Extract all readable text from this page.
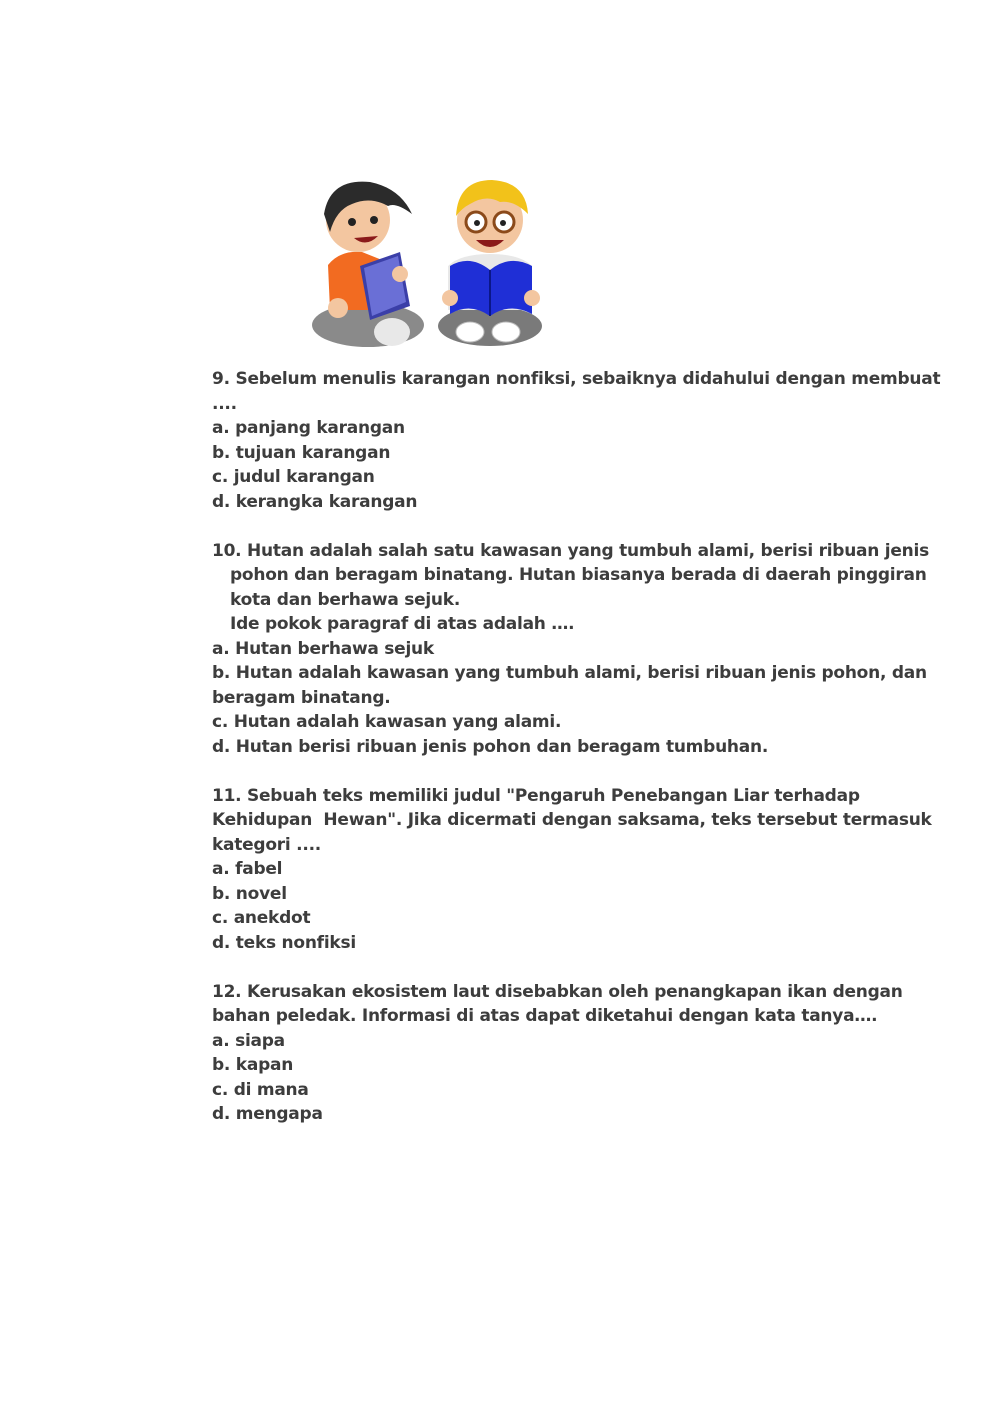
9. Sebelum menulis karangan nonfiksi, sebaiknya didahului dengan membuat
....
a. panjang karangan
b. tujuan karangan
c. judul karangan
d. kerangka karangan
10. Hutan adalah salah satu kawasan yang tumbuh alami, berisi ribuan jenis
pohon dan beragam binatang. Hutan biasanya berada di daerah pinggiran
kota dan berhawa sejuk.
Ide pokok paragraf di atas adalah ….
a. Hutan berhawa sejuk
b. Hutan adalah kawasan yang tumbuh alami, berisi ribuan jenis pohon, dan
beragam binatang.
c. Hutan adalah kawasan yang alami.
d. Hutan berisi ribuan jenis pohon dan beragam tumbuhan.
11. Sebuah teks memiliki judul "Pengaruh Penebangan Liar terhadap
Kehidupan  Hewan". Jika dicermati dengan saksama, teks tersebut termasuk
kategori ....
a. fabel
b. novel
c. anekdot
d. teks nonfiksi
12. Kerusakan ekosistem laut disebabkan oleh penangkapan ikan dengan
bahan peledak. Informasi di atas dapat diketahui dengan kata tanya….
a. siapa
b. kapan
c. di mana
d. mengapa
